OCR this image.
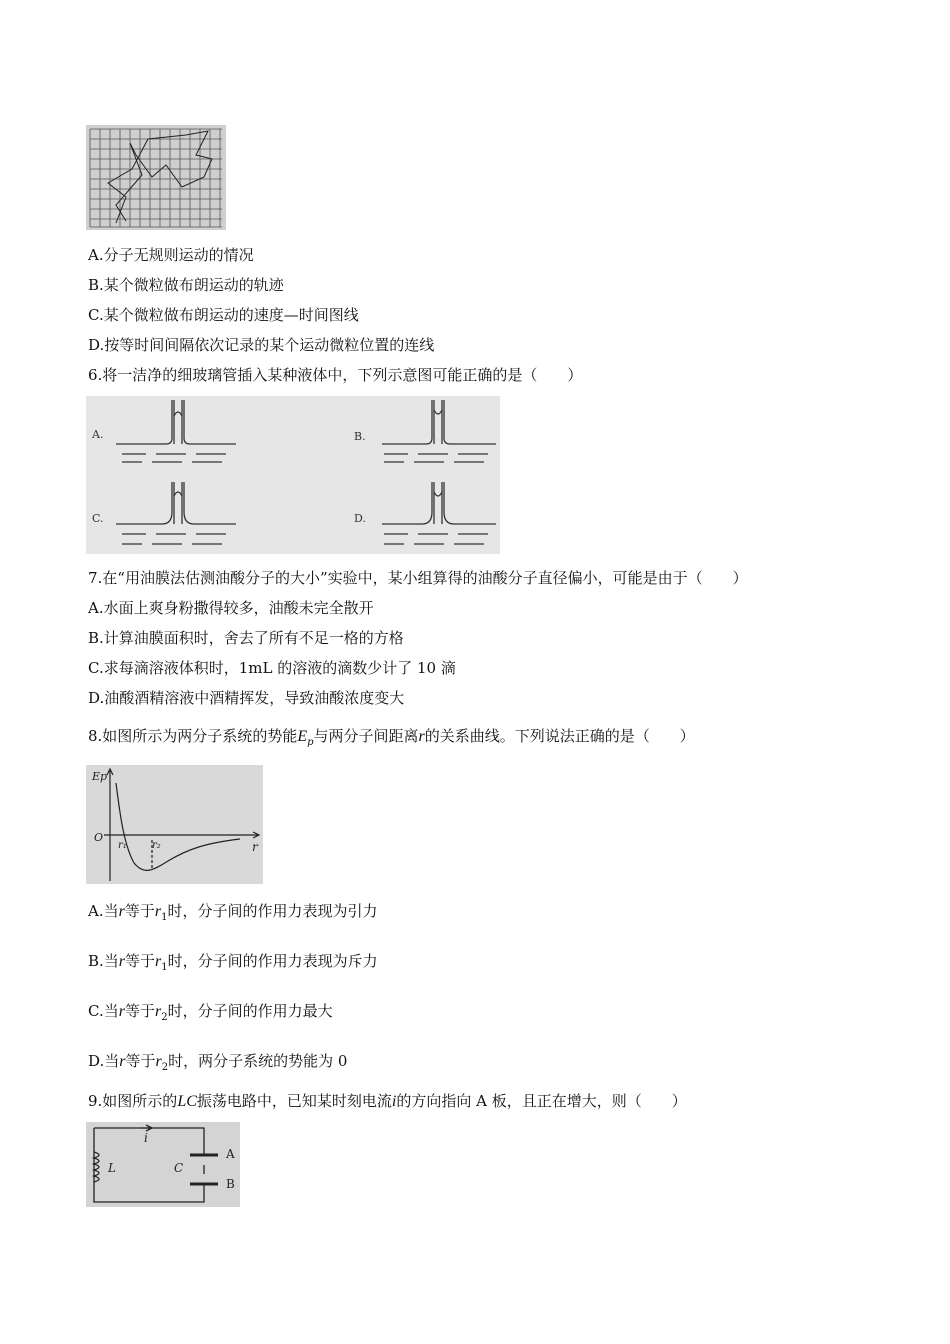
A.分子无规则运动的情况
B.某个微粒做布朗运动的轨迹
C.某个微粒做布朗运动的速度—时间图线
D.按等时间间隔依次记录的某个运动微粒位置的连线
6.将一洁净的细玻璃管插入某种液体中，下列示意图可能正确的是（　　）
A.	B.
C.	D.
7.在“用油膜法估测油酸分子的大小”实验中，某小组算得的油酸分子直径偏小，可能是由于（　　）
A.水面上爽身粉撒得较多，油酸未完全散开
B.计算油膜面积时，舍去了所有不足一格的方格
C.求每滴溶液体积时，1mL 的溶液的滴数少计了 10 滴
D.油酸酒精溶液中酒精挥发，导致油酸浓度变大
8.如图所示为两分子系统的势能$E_p$与两分子间距离r的关系曲线。下列说法正确的是（　　）
Ep
O
r
r₁	r₂
A.当r等于$r_1$时，分子间的作用力表现为引力
B.当r等于$r_1$时，分子间的作用力表现为斥力
C.当r等于$r_2$时，分子间的作用力最大
D.当r等于$r_2$时，两分子系统的势能为 0
9.如图所示的LC振荡电路中，已知某时刻电流i的方向指向 A 板，且正在增大，则（　　）
i
L	C
A
B
